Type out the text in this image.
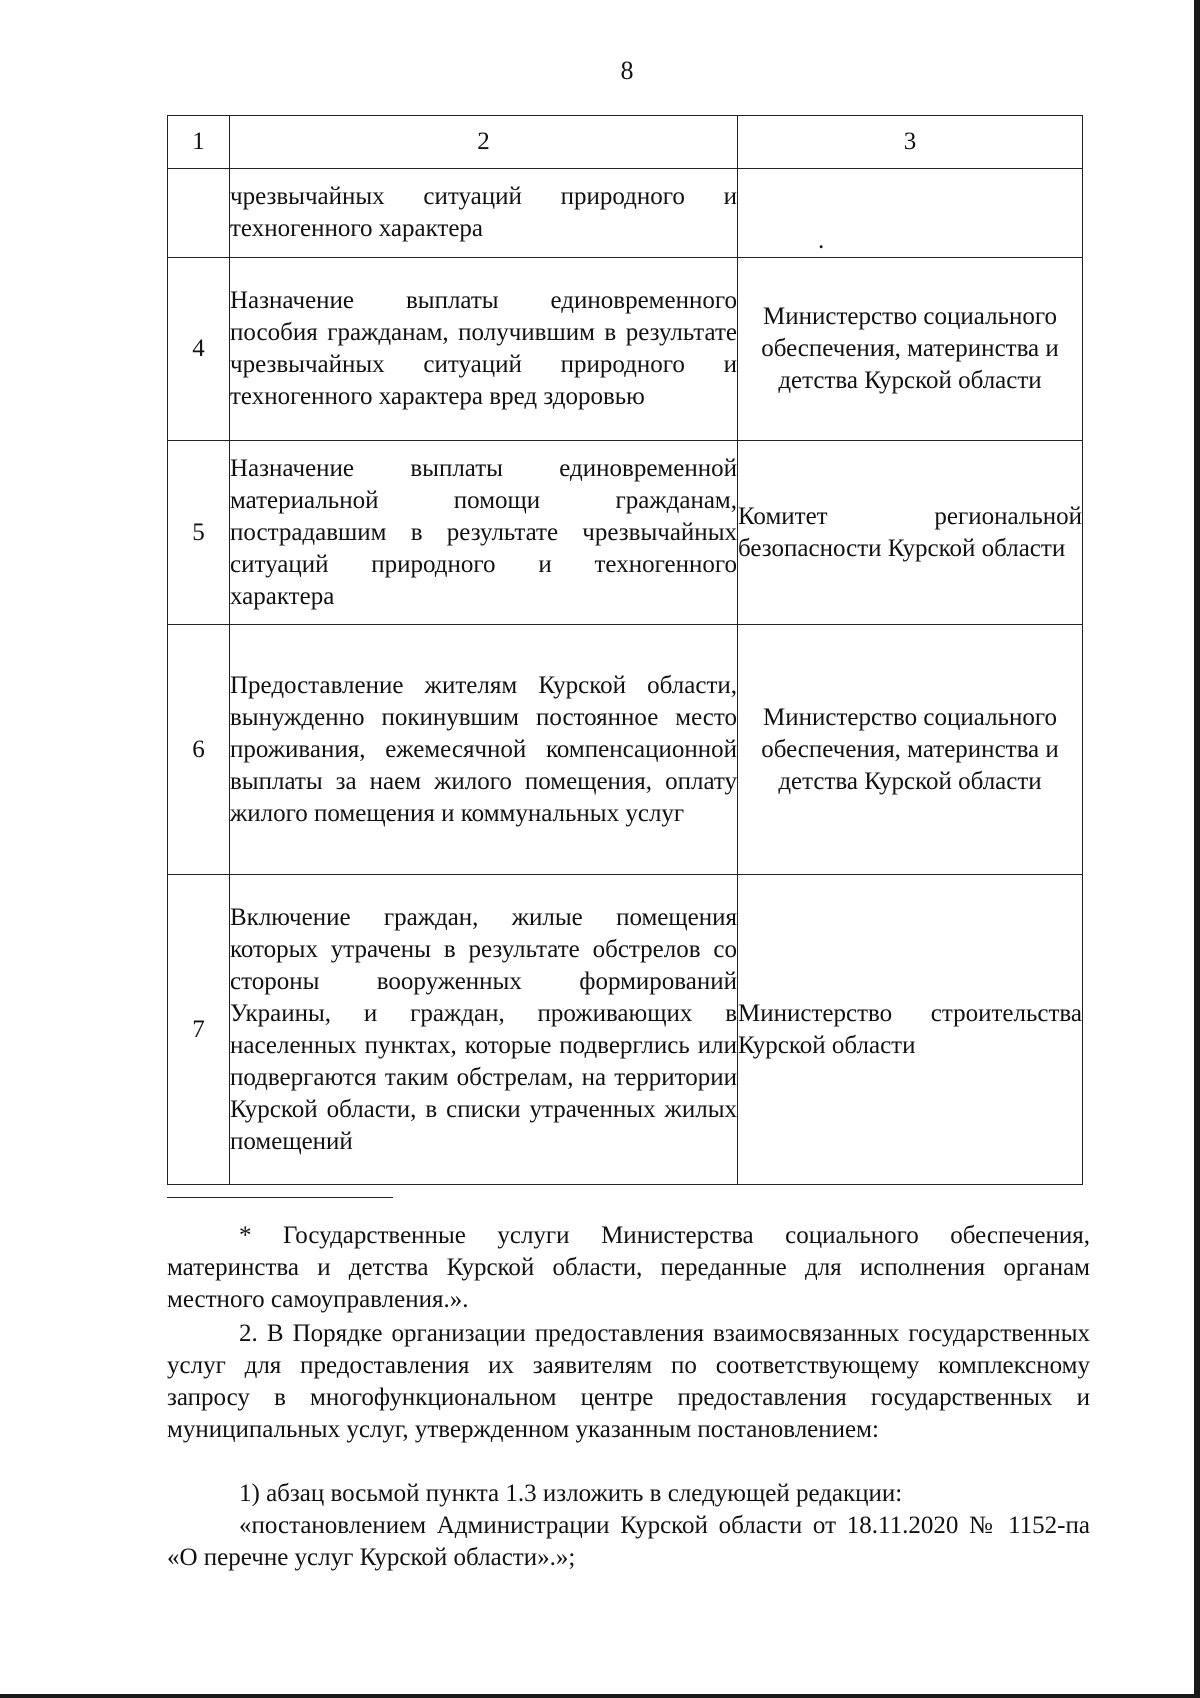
8
1	2	3
	чрезвычайных ситуаций природного и техногенного характера	.
4	Назначение выплаты единовременного пособия гражданам, получившим в результате чрезвычайных ситуаций природного и техногенного характера вред здоровью	Министерство социального обеспечения, материнства и детства Курской области
5	Назначение выплаты единовременной материальной помощи гражданам, пострадавшим в результате чрезвычайных ситуаций природного и техногенного характера	Комитет региональной безопасности Курской области
6	Предоставление жителям Курской области, вынужденно покинувшим постоянное место проживания, ежемесячной компенсационной выплаты за наем жилого помещения, оплату жилого помещения и коммунальных услуг	Министерство социального обеспечения, материнства и детства Курской области
7	Включение граждан, жилые помещения которых утрачены в результате обстрелов со стороны вооруженных формирований Украины, и граждан, проживающих в населенных пунктах, которые подверглись или подвергаются таким обстрелам, на территории Курской области, в списки утраченных жилых помещений	Министерство строительства Курской области

* Государственные услуги Министерства социального обеспечения, материнства и детства Курской области, переданные для исполнения органам местного самоуправления.».

2. В Порядке организации предоставления взаимосвязанных государственных услуг для предоставления их заявителям по соответствующему комплексному запросу в многофункциональном центре предоставления государственных и муниципальных услуг, утвержденном указанным постановлением:

1) абзац восьмой пункта 1.3 изложить в следующей редакции:

«постановлением Администрации Курской области от 18.11.2020 № 1152-па «О перечне услуг Курской области».»;
